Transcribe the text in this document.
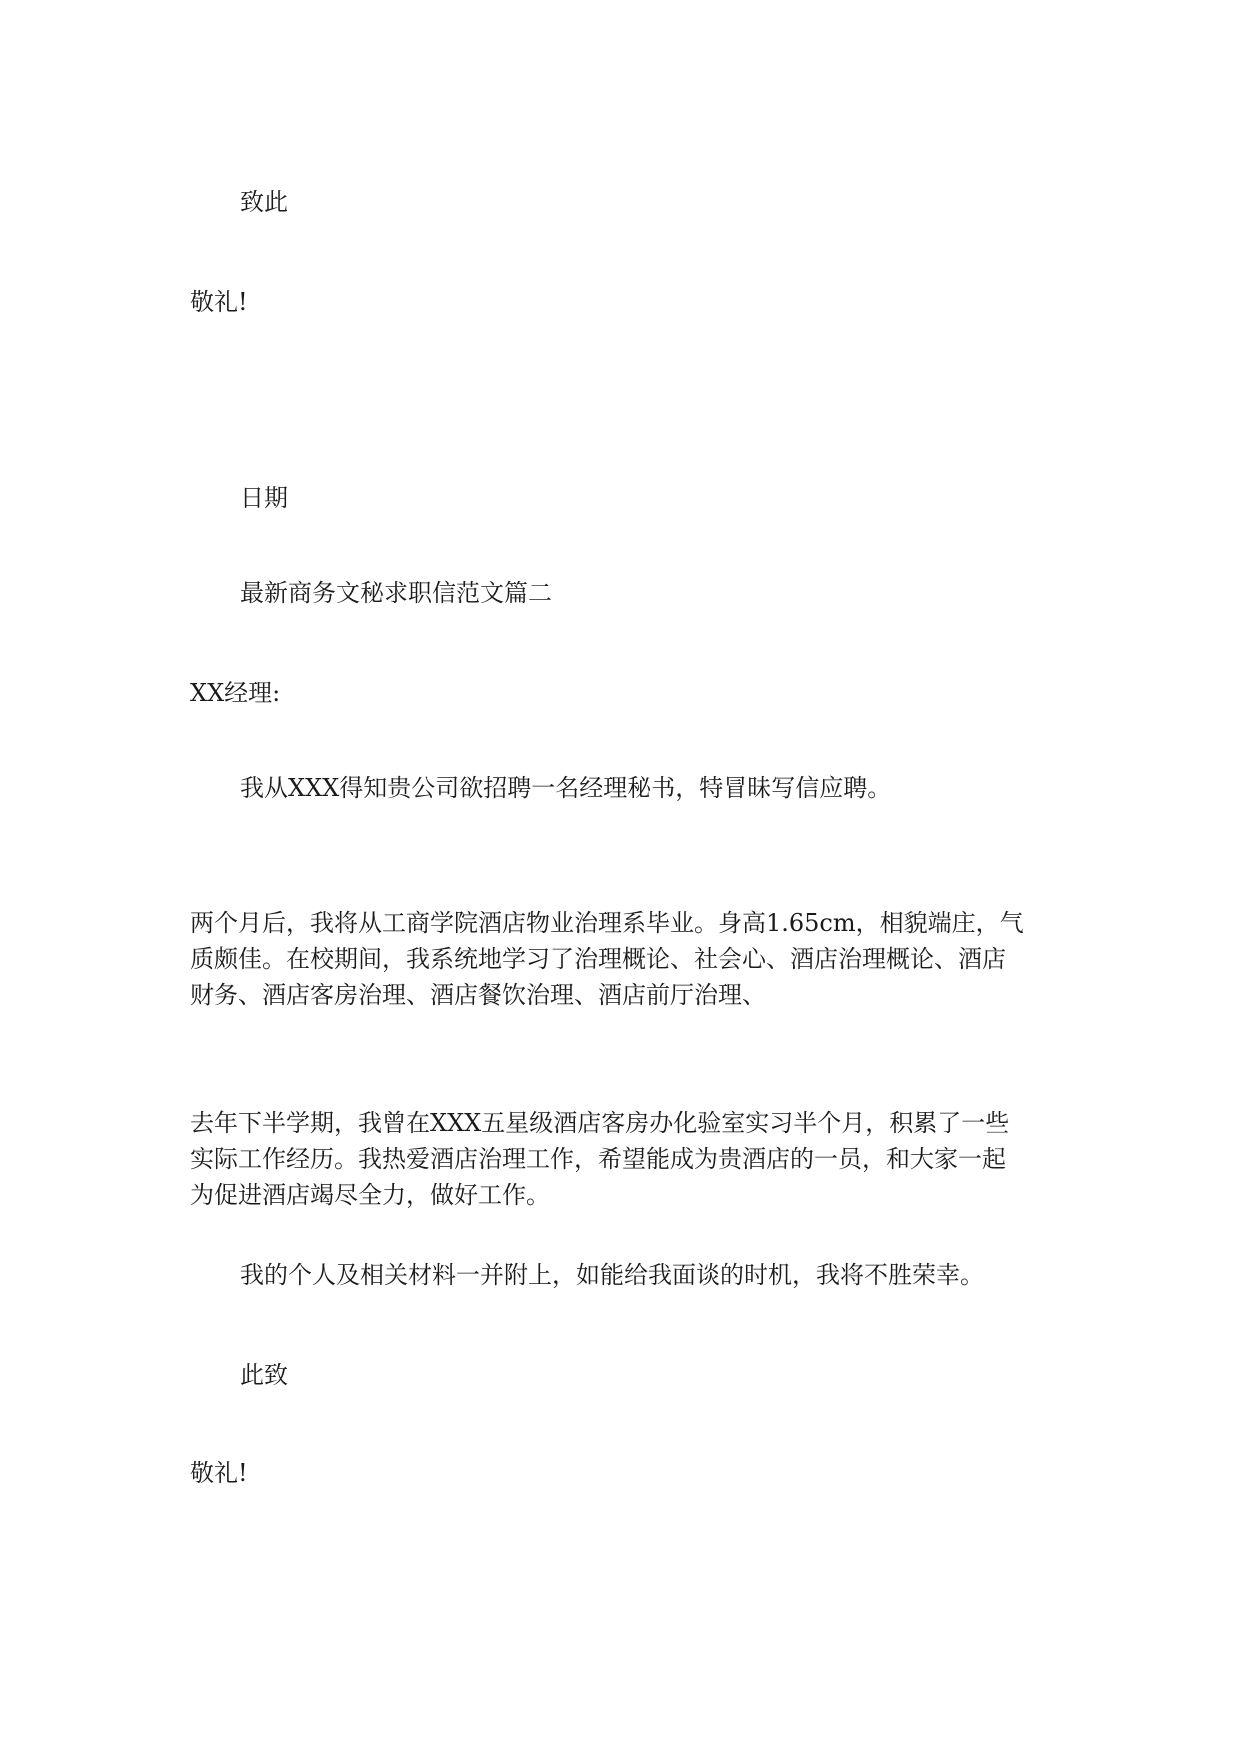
致此

敬礼!

日期

最新商务文秘求职信范文篇二

XX经理:

我从XXX得知贵公司欲招聘一名经理秘书，特冒昧写信应聘。

两个月后，我将从工商学院酒店物业治理系毕业。身高1.65cm，相貌端庄，气
质颇佳。在校期间，我系统地学习了治理概论、社会心、酒店治理概论、酒店
财务、酒店客房治理、酒店餐饮治理、酒店前厅治理、
去年下半学期，我曾在XXX五星级酒店客房办化验室实习半个月，积累了一些
实际工作经历。我热爱酒店治理工作，希望能成为贵酒店的一员，和大家一起
为促进酒店竭尽全力，做好工作。

我的个人及相关材料一并附上，如能给我面谈的时机，我将不胜荣幸。

此致

敬礼!
